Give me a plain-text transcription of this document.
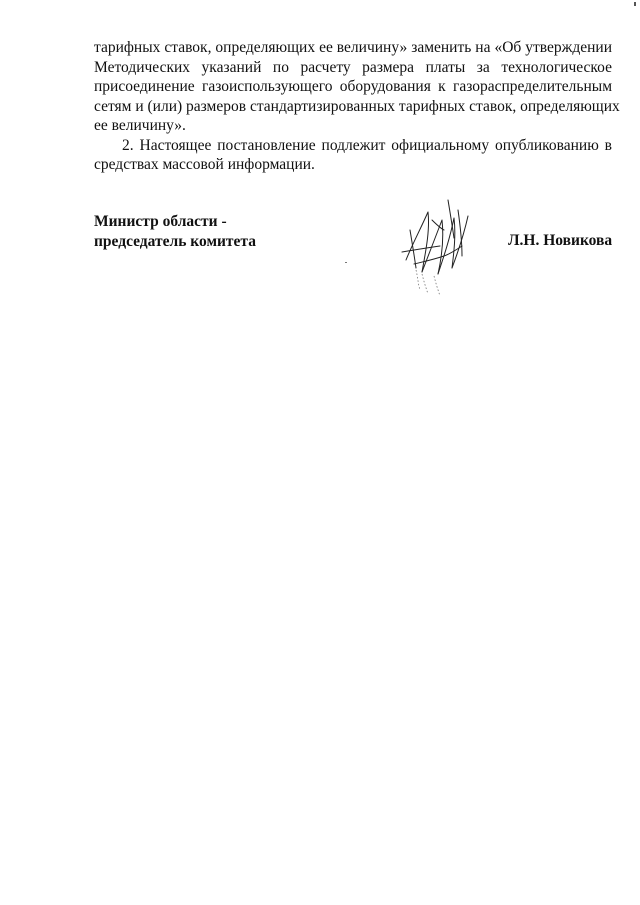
тарифных ставок, определяющих ее величину» заменить на «Об утверждении
Методических указаний по расчету размера платы за технологическое
присоединение газоиспользующего оборудования к газораспределительным
сетям и (или) размеров стандартизированных тарифных ставок, определяющих
ее величину».

2. Настоящее постановление подлежит официальному опубликованию в
средствах массовой информации.

Министр области -
председатель комитета	Л.Н. Новикова
